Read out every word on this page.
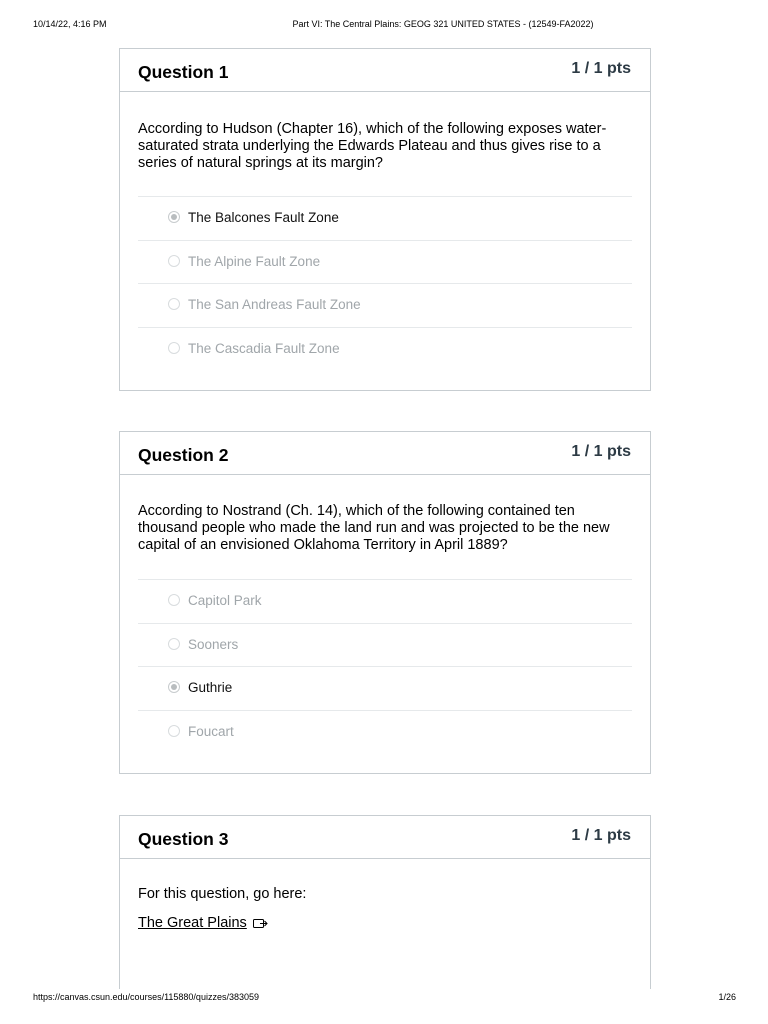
10/14/22, 4:16 PM	Part VI: The Central Plains: GEOG 321 UNITED STATES - (12549-FA2022)
Question 1	1 / 1 pts
According to Hudson (Chapter 16), which of the following exposes water-saturated strata underlying the Edwards Plateau and thus gives rise to a series of natural springs at its margin?
The Balcones Fault Zone
The Alpine Fault Zone
The San Andreas Fault Zone
The Cascadia Fault Zone
Question 2	1 / 1 pts
According to Nostrand (Ch. 14), which of the following contained ten thousand people who made the land run and was projected to be the new capital of an envisioned Oklahoma Territory in April 1889?
Capitol Park
Sooners
Guthrie
Foucart
Question 3	1 / 1 pts
For this question, go here:
The Great Plains
https://canvas.csun.edu/courses/115880/quizzes/383059	1/26
